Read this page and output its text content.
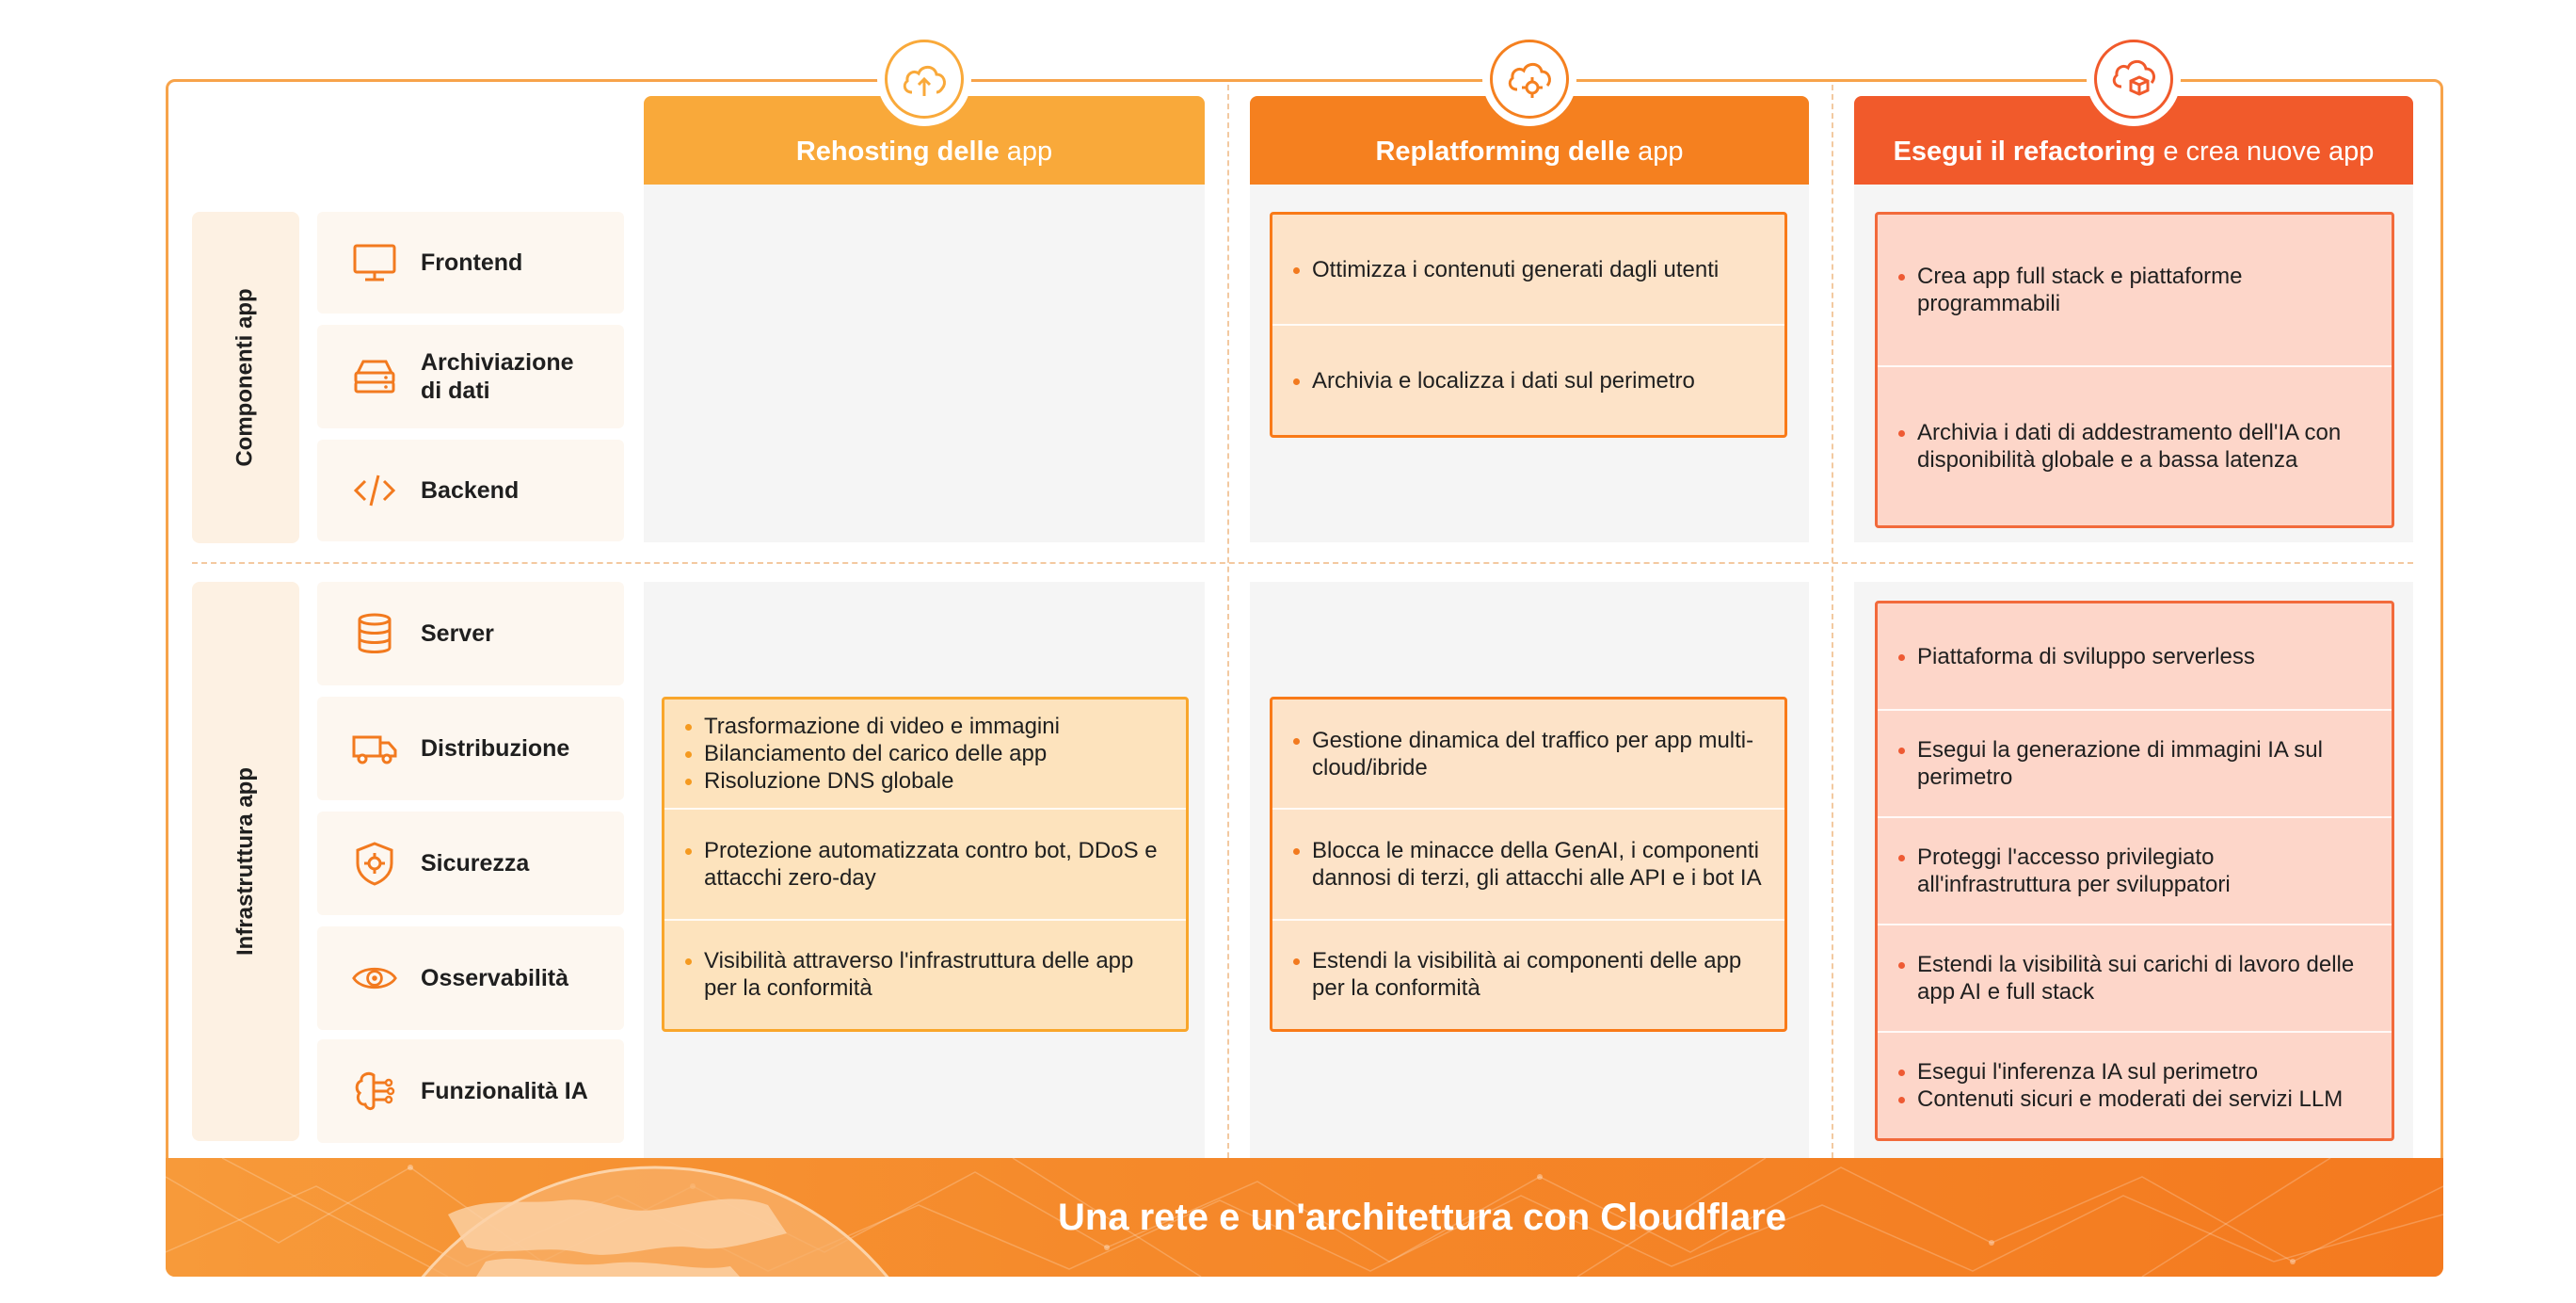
Componenti app
Infrastruttura app
Frontend
Archiviazione
di dati
Backend
Server
Distribuzione
Sicurezza
Osservabilità
Funzionalità IA
Rehosting delle app	Replatforming delle app	Esegui il refactoring e crea nuove app
Ottimizza i contenuti generati dagli utenti
Archivia e localizza i dati sul perimetro
Crea app full stack e piattaforme programmabili
Archivia i dati di addestramento dell'IA con disponibilità globale e a bassa latenza
Trasformazione di video e immagini
Bilanciamento del carico delle app
Risoluzione DNS globale
Protezione automatizzata contro bot, DDoS e attacchi zero-day
Visibilità attraverso l'infrastruttura delle app per la conformità
Gestione dinamica del traffico per app multi-cloud/ibride
Blocca le minacce della GenAI, i componenti dannosi di terzi, gli attacchi alle API e i bot IA
Estendi la visibilità ai componenti delle app per la conformità
Piattaforma di sviluppo serverless
Esegui la generazione di immagini IA sul perimetro
Proteggi l'accesso privilegiato all'infrastruttura per sviluppatori
Estendi la visibilità sui carichi di lavoro delle app AI e full stack
Esegui l'inferenza IA sul perimetro
Contenuti sicuri e moderati dei servizi LLM
Una rete e un'architettura con Cloudflare
